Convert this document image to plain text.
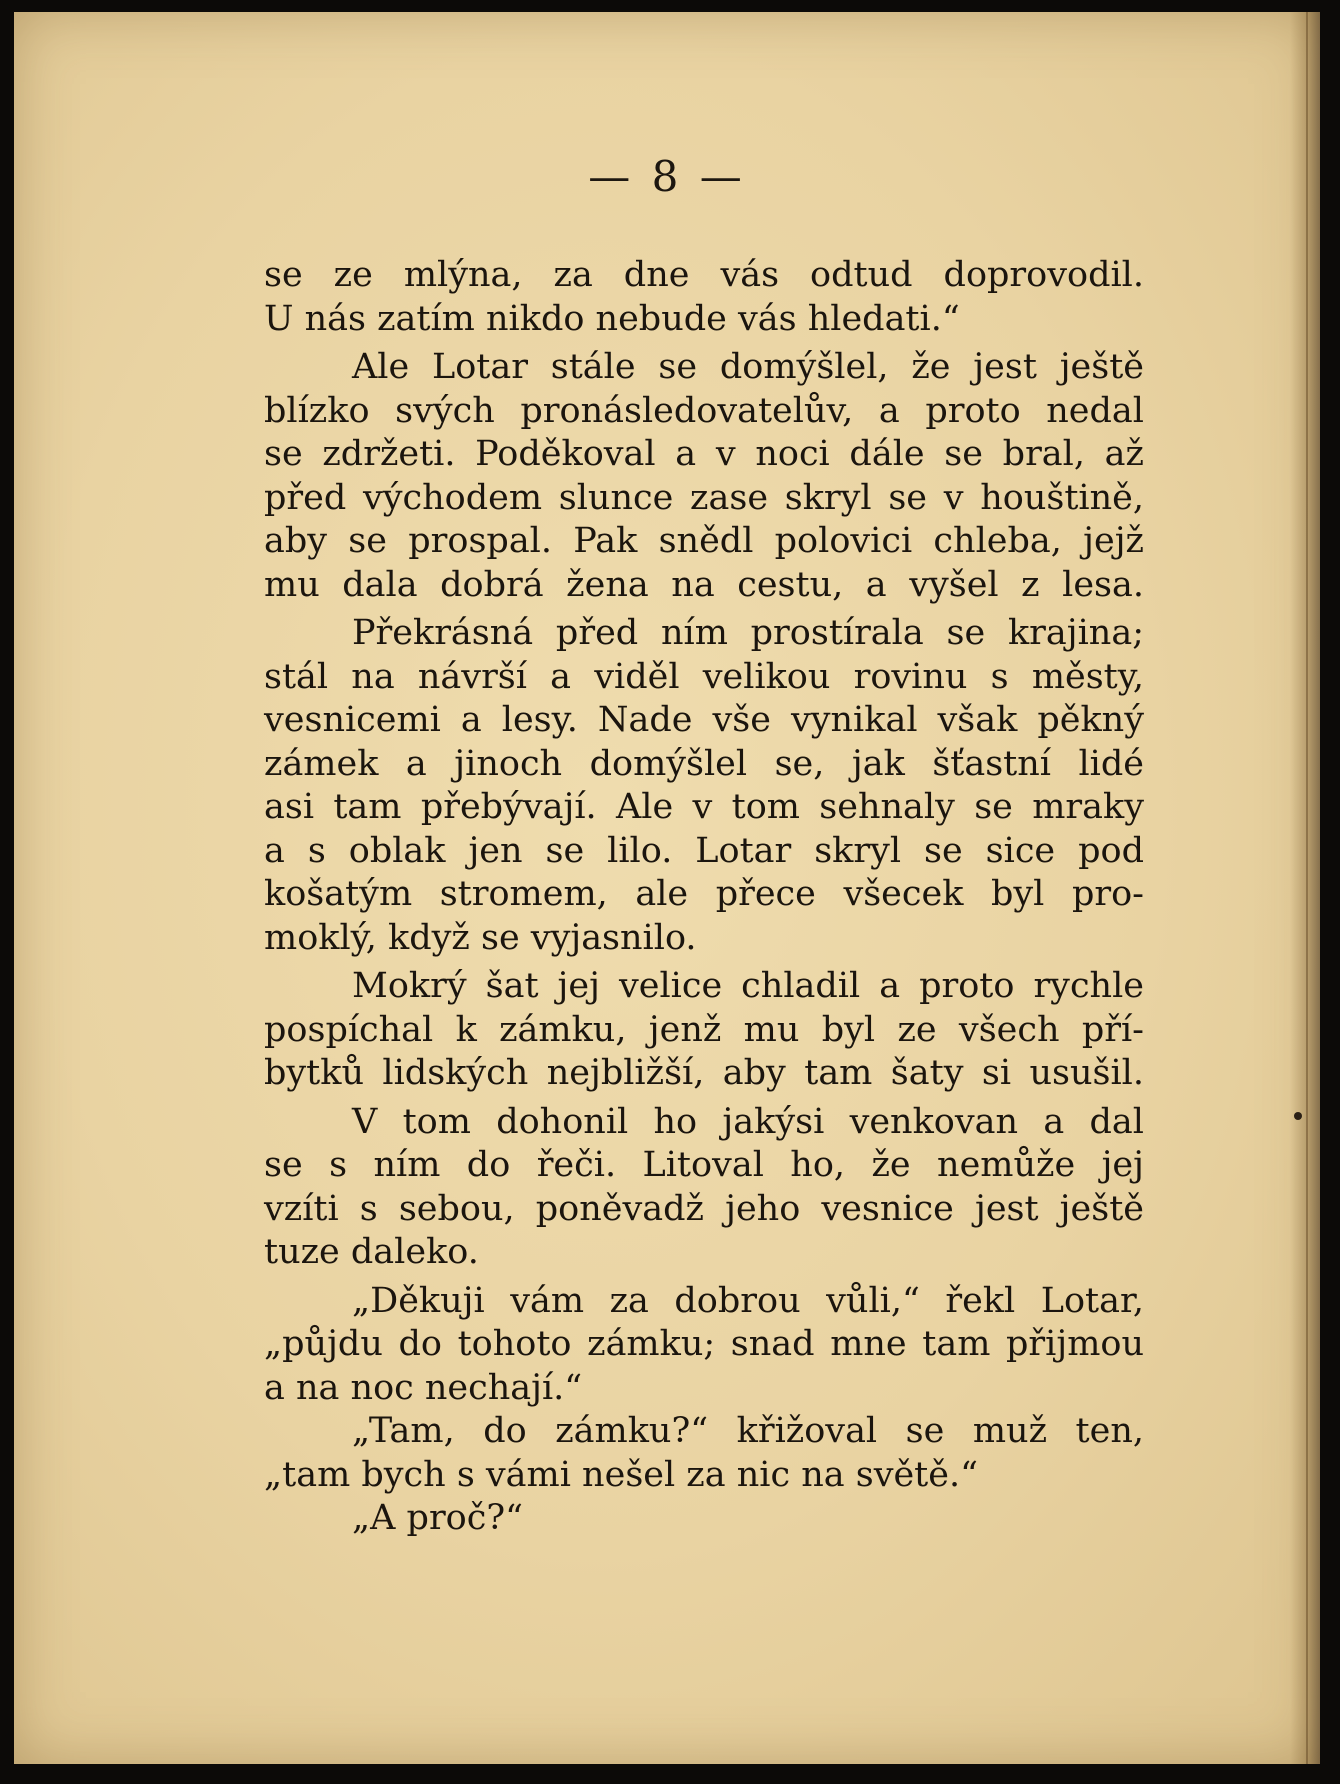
— 8 —
se ze mlýna, za dne vás odtud doprovodil.
U nás zatím nikdo nebude vás hledati.“
Ale Lotar stále se domýšlel, že jest ještě
blízko svých pronásledovatelův, a proto nedal
se zdržeti. Poděkoval a v noci dále se bral, až
před východem slunce zase skryl se v houštině,
aby se prospal. Pak snědl polovici chleba, jejž
mu dala dobrá žena na cestu, a vyšel z lesa.
Překrásná před ním prostírala se krajina;
stál na návrší a viděl velikou rovinu s městy,
vesnicemi a lesy. Nade vše vynikal však pěkný
zámek a jinoch domýšlel se, jak šťastní lidé
asi tam přebývají. Ale v tom sehnaly se mraky
a s oblak jen se lilo. Lotar skryl se sice pod
košatým stromem, ale přece všecek byl pro-
moklý, když se vyjasnilo.
Mokrý šat jej velice chladil a proto rychle
pospíchal k zámku, jenž mu byl ze všech pří-
bytků lidských nejbližší, aby tam šaty si usušil.
V tom dohonil ho jakýsi venkovan a dal
se s ním do řeči. Litoval ho, že nemůže jej
vzíti s sebou, poněvadž jeho vesnice jest ještě
tuze daleko.
„Děkuji vám za dobrou vůli,“ řekl Lotar,
„půjdu do tohoto zámku; snad mne tam přijmou
a na noc nechají.“
„Tam, do zámku?“ křižoval se muž ten,
„tam bych s vámi nešel za nic na světě.“
„A proč?“
